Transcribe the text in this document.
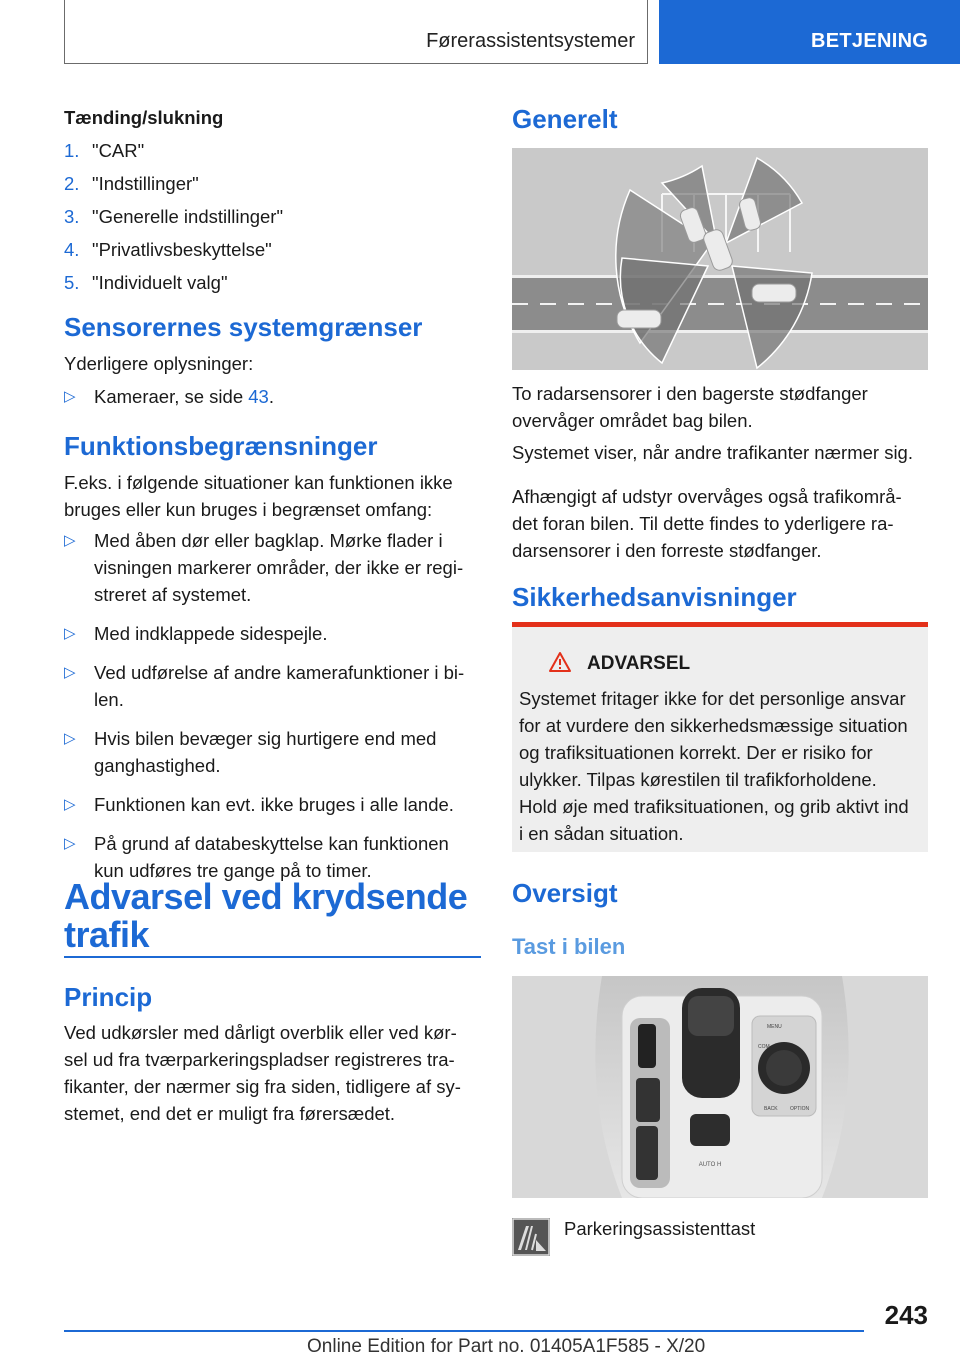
Førerassistentsystemer	BETJENING
Tænding/slukning
1. "CAR"
2. "Indstillinger"
3. "Generelle indstillinger"
4. "Privatlivsbeskyttelse"
5. "Individuelt valg"
Sensorernes systemgrænser
Yderligere oplysninger:
▷ Kameraer, se side 43.
Funktionsbegrænsninger
F.eks. i følgende situationer kan funktionen ikke
bruges eller kun bruges i begrænset omfang:
▷ Med åben dør eller bagklap. Mørke flader i
visningen markerer områder, der ikke er regi-
streret af systemet.
▷ Med indklappede sidespejle.
▷ Ved udførelse af andre kamerafunktioner i bi-
len.
▷ Hvis bilen bevæger sig hurtigere end med
ganghastighed.
▷ Funktionen kan evt. ikke bruges i alle lande.
▷ På grund af databeskyttelse kan funktionen
kun udføres tre gange på to timer.
Advarsel ved krydsende
trafik
Princip
Ved udkørsler med dårligt overblik eller ved kør-
sel ud fra tværparkeringspladser registreres tra-
fikanter, der nærmer sig fra siden, tidligere af sy-
stemet, end det er muligt fra førersædet.
Generelt
To radarsensorer i den bagerste stødfanger
overvåger området bag bilen.
Systemet viser, når andre trafikanter nærmer sig.
Afhængigt af udstyr overvåges også trafikområ-
det foran bilen. Til dette findes to yderligere ra-
darsensorer i den forreste stødfanger.
Sikkerhedsanvisninger
ADVARSEL
Systemet fritager ikke for det personlige ansvar
for at vurdere den sikkerhedsmæssige situation
og trafiksituationen korrekt. Der er risiko for
ulykker. Tilpas kørestilen til trafikforholdene.
Hold øje med trafiksituationen, og grib aktivt ind
i en sådan situation.
Oversigt
Tast i bilen
AUTO H
MENU
COM
BACK OPTION
Parkeringsassistenttast
243
Online Edition for Part no. 01405A1F585 - X/20
